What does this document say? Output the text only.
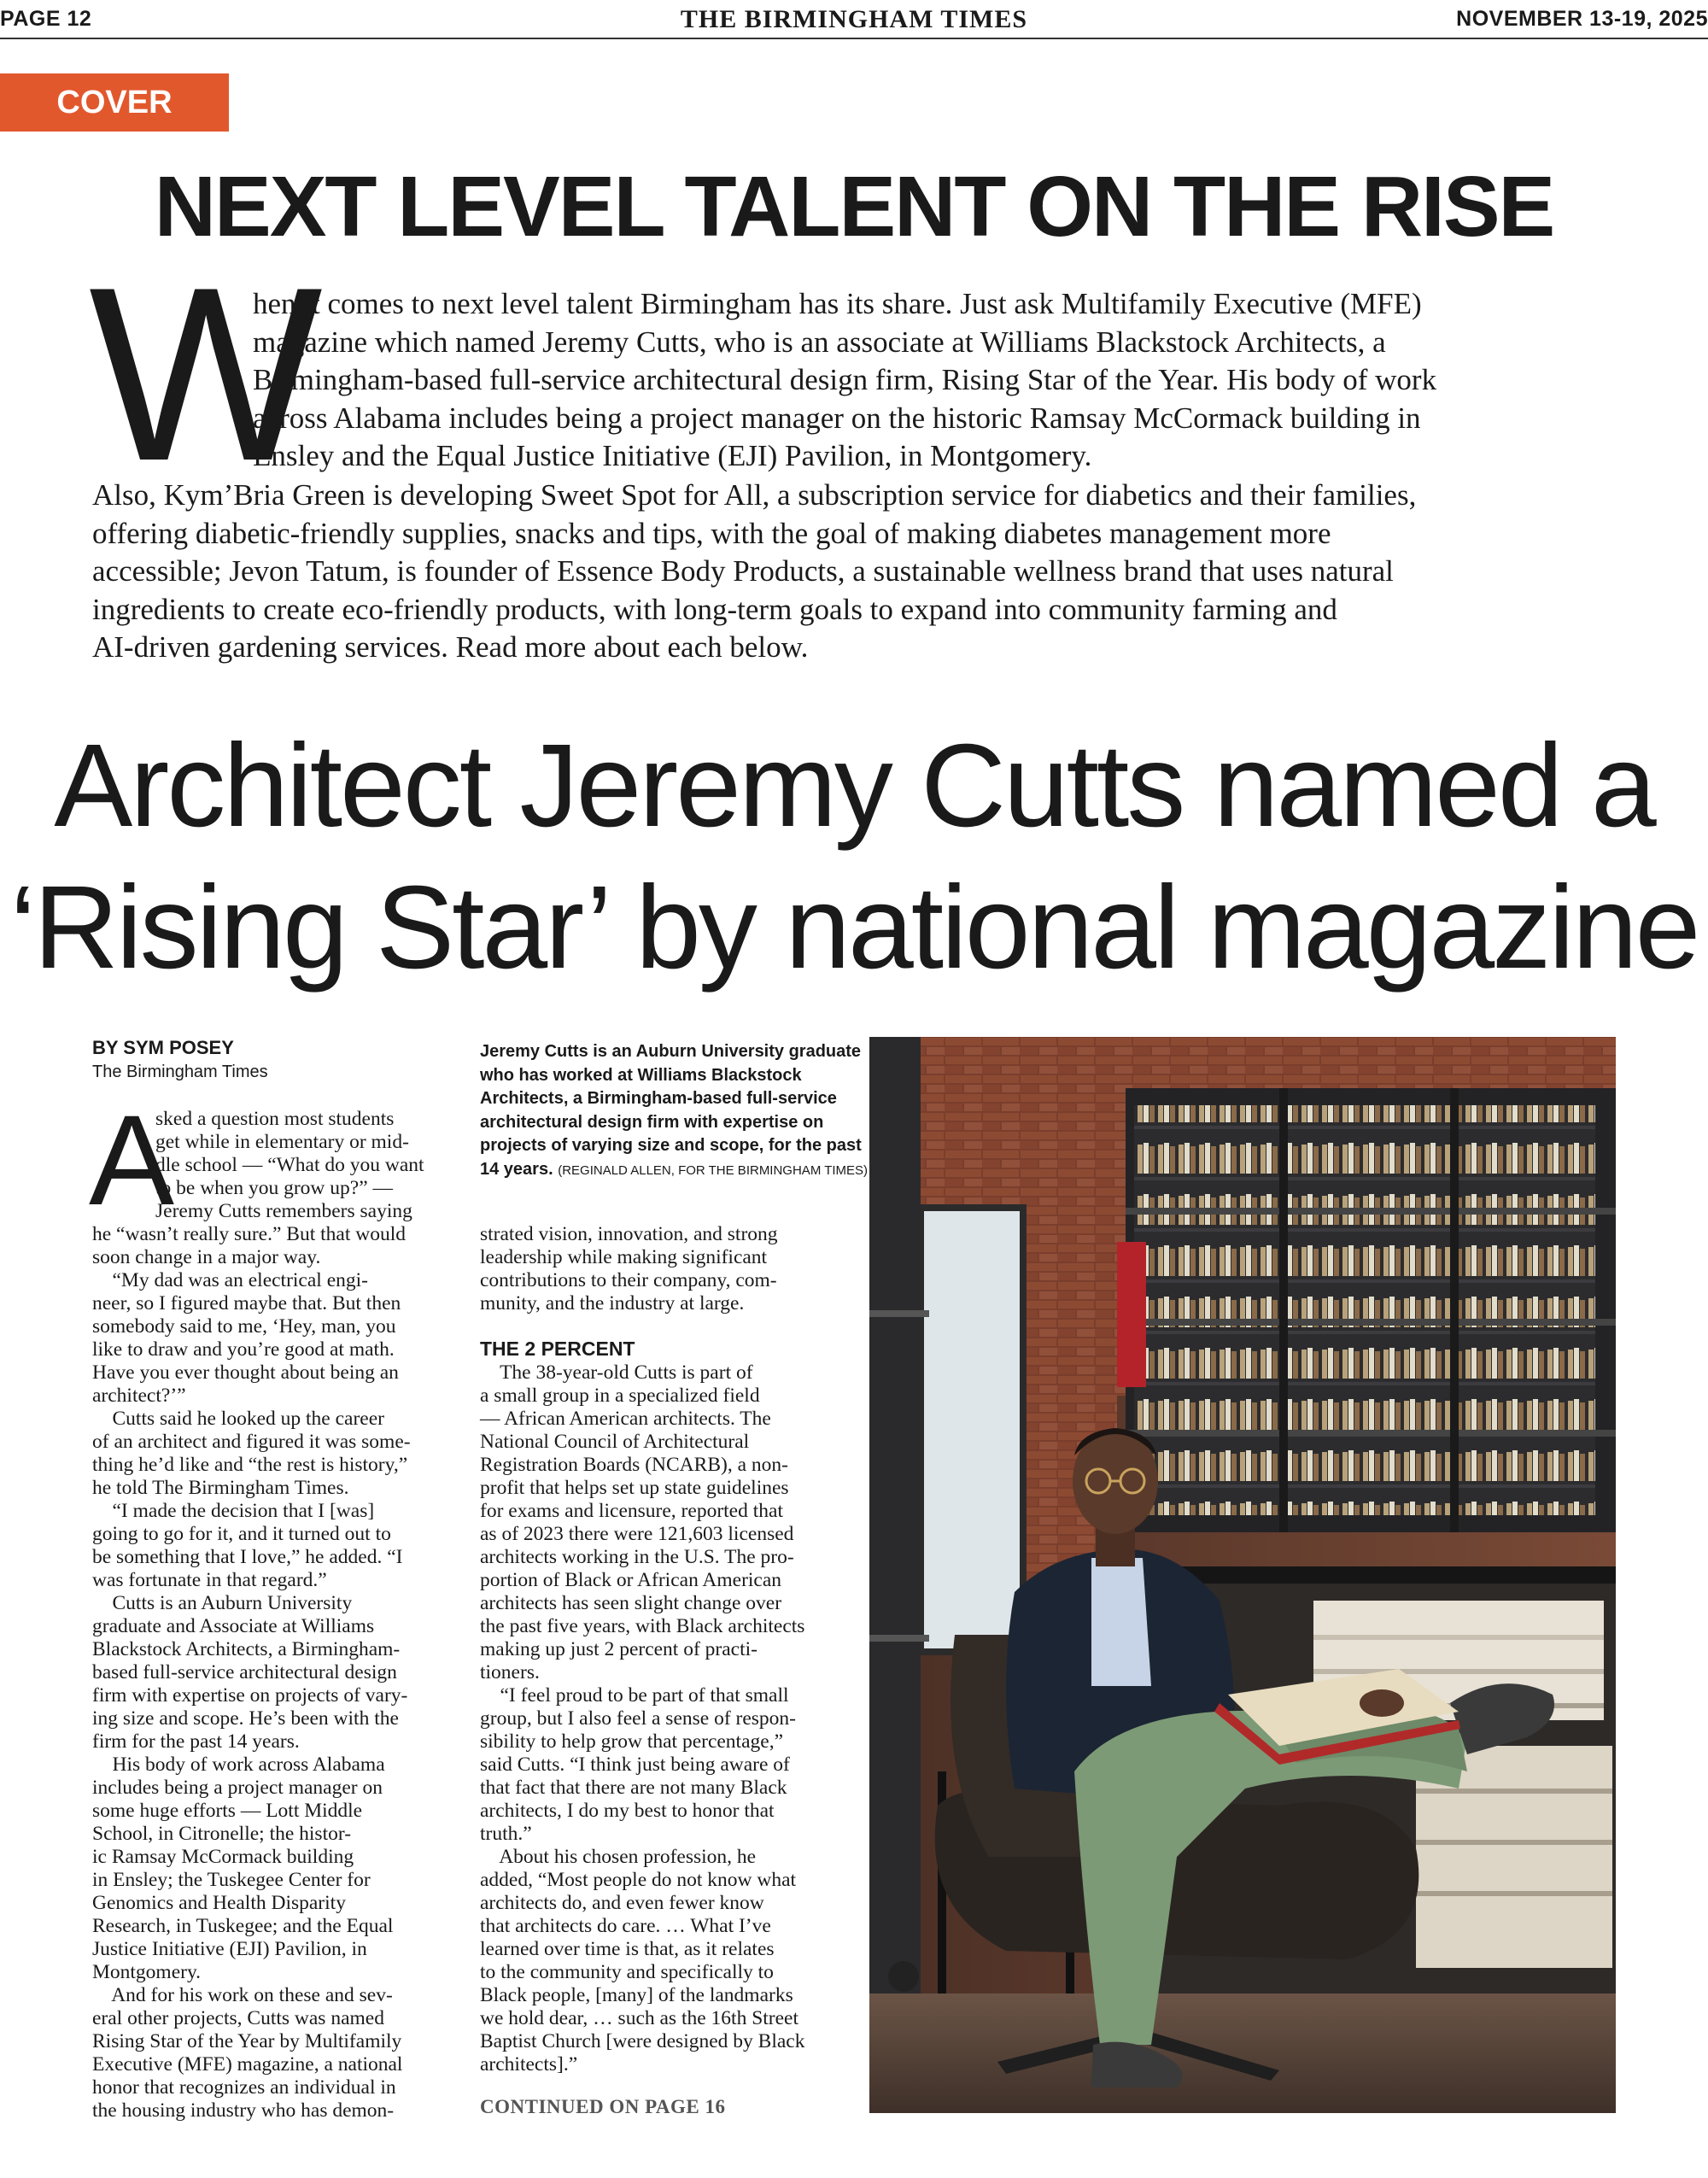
PAGE 12	THE BIRMINGHAM TIMES	NOVEMBER 13-19, 2025
COVER STORY
NEXT LEVEL TALENT ON THE RISE
W
hen it comes to next level talent Birmingham has its share. Just ask Multifamily Executive (MFE)
magazine which named Jeremy Cutts, who is an associate at Williams Blackstock Architects, a
Birmingham-based full-service architectural design firm, Rising Star of the Year. His body of work
across Alabama includes being a project manager on the historic Ramsay McCormack building in
Ensley and the Equal Justice Initiative (EJI) Pavilion, in Montgomery.
Also, Kym’Bria Green is developing Sweet Spot for All, a subscription service for diabetics and their families,
offering diabetic-friendly supplies, snacks and tips, with the goal of making diabetes management more
accessible; Jevon Tatum, is founder of Essence Body Products, a sustainable wellness brand that uses natural
ingredients to create eco-friendly products, with long-term goals to expand into community farming and
AI-driven gardening services. Read more about each below.
Architect Jeremy Cutts named a
‘Rising Star’ by national magazine
BY SYM POSEY
The Birmingham Times
A
sked a question most students
get while in elementary or mid-
dle school — “What do you want
to be when you grow up?” —
Jeremy Cutts remembers saying
he “wasn’t really sure.” But that would
soon change in a major way.
“My dad was an electrical engi-
neer, so I figured maybe that. But then
somebody said to me, ‘Hey, man, you
like to draw and you’re good at math.
Have you ever thought about being an
architect?’”
Cutts said he looked up the career
of an architect and figured it was some-
thing he’d like and “the rest is history,”
he told The Birmingham Times.
“I made the decision that I [was]
going to go for it, and it turned out to
be something that I love,” he added. “I
was fortunate in that regard.”
Cutts is an Auburn University
graduate and Associate at Williams
Blackstock Architects, a Birmingham-
based full-service architectural design
firm with expertise on projects of vary-
ing size and scope. He’s been with the
firm for the past 14 years.
His body of work across Alabama
includes being a project manager on
some huge efforts — Lott Middle
School, in Citronelle; the histor-
ic Ramsay McCormack building
in Ensley; the Tuskegee Center for
Genomics and Health Disparity
Research, in Tuskegee; and the Equal
Justice Initiative (EJI) Pavilion, in
Montgomery.
And for his work on these and sev-
eral other projects, Cutts was named
Rising Star of the Year by Multifamily
Executive (MFE) magazine, a national
honor that recognizes an individual in
the housing industry who has demon-
Jeremy Cutts is an Auburn University graduate
who has worked at Williams Blackstock
Architects, a Birmingham-based full-service
architectural design firm with expertise on
projects of varying size and scope, for the past
14 years. (REGINALD ALLEN, FOR THE BIRMINGHAM TIMES)
strated vision, innovation, and strong
leadership while making significant
contributions to their company, com-
munity, and the industry at large.
THE 2 PERCENT
The 38-year-old Cutts is part of
a small group in a specialized field
— African American architects. The
National Council of Architectural
Registration Boards (NCARB), a non-
profit that helps set up state guidelines
for exams and licensure, reported that
as of 2023 there were 121,603 licensed
architects working in the U.S. The pro-
portion of Black or African American
architects has seen slight change over
the past five years, with Black architects
making up just 2 percent of practi-
tioners.
“I feel proud to be part of that small
group, but I also feel a sense of respon-
sibility to help grow that percentage,”
said Cutts. “I think just being aware of
that fact that there are not many Black
architects, I do my best to honor that
truth.”
About his chosen profession, he
added, “Most people do not know what
architects do, and even fewer know
that architects do care. … What I’ve
learned over time is that, as it relates
to the community and specifically to
Black people, [many] of the landmarks
we hold dear, … such as the 16th Street
Baptist Church [were designed by Black
architects].”
CONTINUED ON PAGE 16
